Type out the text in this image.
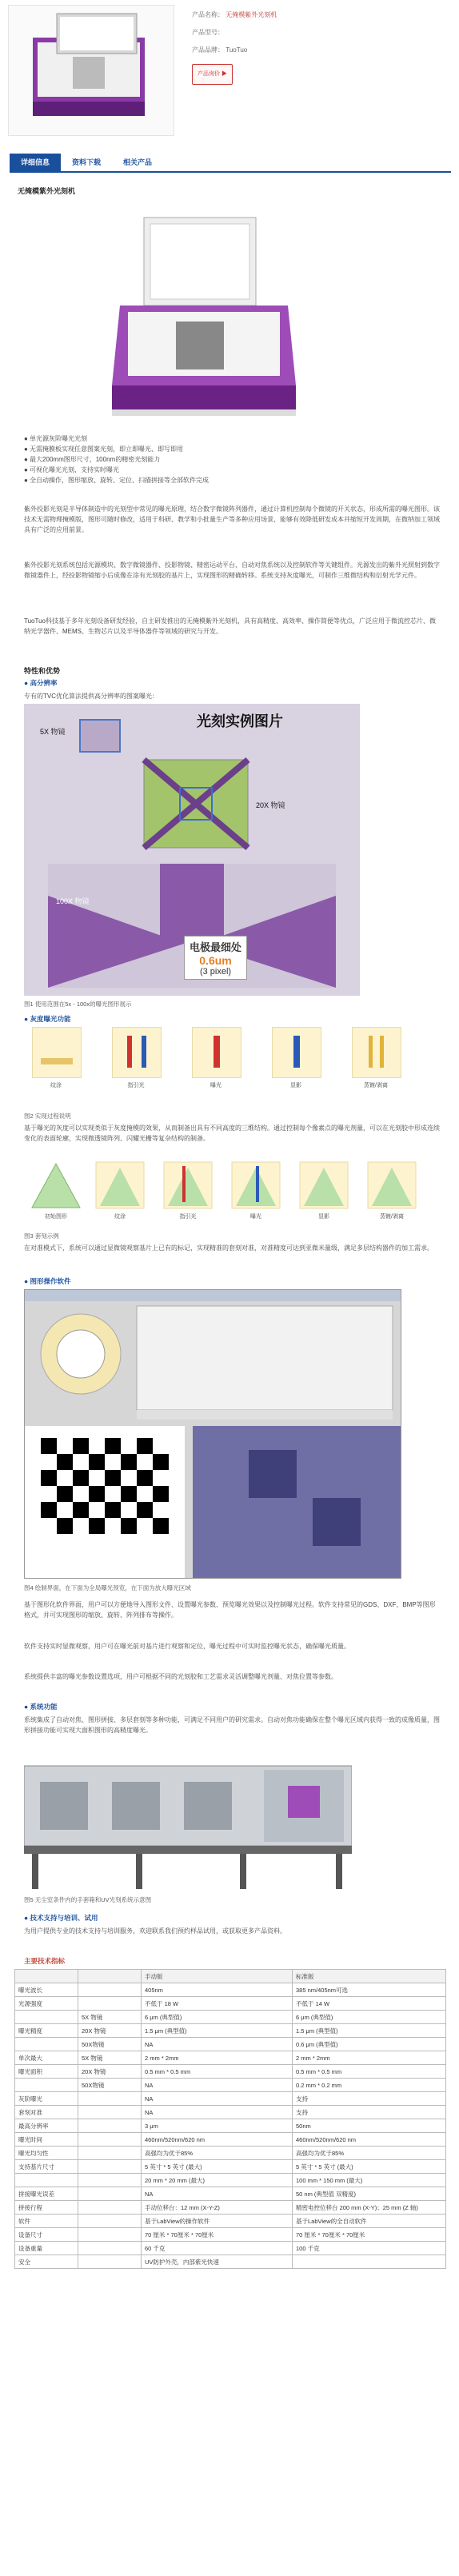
产品名称： 无掩模紫外光刻机
产品型号：
产品品牌： TuoTuo
产品询价 ▶
详细信息	资料下载	相关产品
无掩模紫外光刻机
● 单光源灰阶曝光光刻
● 无需掩膜板实现任意图案光刻，即立即曝光、即写即用
● 最大200mm图形尺寸，100nm的精密光刻能力
● 可视化曝光光刻，支持实时曝光
● 全自动操作，图形缩放、旋转、定位、扫描拼接等全部软件完成
紫外投影光刻是半导体制造中的光刻型中常见的曝光原理，结合数字微镜阵列器件，通过计算机控制每个微镜的开关状态，形成所需的曝光图形。该技术无需物理掩模版，图形可随时修改，适用于科研、教学和小批量生产等多种应用场景，能够有效降低研发成本并缩短开发周期，在微纳加工领域具有广泛的应用前景。
紫外投影光刻系统包括光源模块、数字微镜器件、投影物镜、精密运动平台、自动对焦系统以及控制软件等关键组件。光源发出的紫外光照射到数字微镜器件上，经投影物镜缩小后成像在涂有光刻胶的基片上，实现图形的精确转移。系统支持灰度曝光，可制作三维微结构和衍射光学元件。
TuoTuo科技基于多年光刻设备研发经验，自主研发推出的无掩模紫外光刻机，具有高精度、高效率、操作简便等优点，广泛应用于微流控芯片、微纳光学器件、MEMS、生物芯片以及半导体器件等领域的研究与开发。
特性和优势
● 高分辨率
专有的TVC优化算法提供高分辨率的图案曝光：
光刻实例图片
5X 物镜
20X 物镜
100X 物镜
电极最细处
0.6um
(3 pixel)
图1 使用范围在5x - 100x的曝光图形展示
● 灰度曝光功能
纹涂	指引光	曝光	显影	蒸镀/剥离
图2 实现过程说明
基于曝光的灰度可以实现类似于灰度掩模的效果，从而制备出具有不同高度的三维结构。通过控制每个像素点的曝光剂量，可以在光刻胶中形成连续变化的表面轮廓，实现微透镜阵列、闪耀光栅等复杂结构的制备。
初始图形	纹涂	指引光	曝光	显影	蒸镀/剥离
图3 套刻示例
在对准模式下，系统可以通过显微镜观察基片上已有的标记，实现精准的套刻对准，对准精度可达到亚微米量级，满足多层结构器件的加工需求。
● 图形操作软件
图4 绘制界面，在下面为全局曝光预览，在下面为放大曝光区域
基于图形化软件界面，用户可以方便地导入图形文件、设置曝光参数、预览曝光效果以及控制曝光过程。软件支持常见的GDS、DXF、BMP等图形格式，并可实现图形的缩放、旋转、阵列排布等操作。
软件支持实时显微观察，用户可在曝光前对基片进行观察和定位，曝光过程中可实时监控曝光状态，确保曝光质量。
系统提供丰富的曝光参数设置选项，用户可根据不同的光刻胶和工艺需求灵活调整曝光剂量、对焦位置等参数。
● 系统功能
系统集成了自动对焦、图形拼接、多层套刻等多种功能，可满足不同用户的研究需求。自动对焦功能确保在整个曝光区域内获得一致的成像质量，图形拼接功能可实现大面积图形的高精度曝光。
图5 无尘室条件内的手套箱和UV光刻系统示意图
● 技术支持与培训、试用
为用户提供专业的技术支持与培训服务，欢迎联系我们预约样品试用，或获取更多产品资料。
主要技术指标
		手动版	标准版
曝光波长		405nm	385 nm/405nm可选
光源强度		不低于 18 W	不低于 14 W
	5X 物镜	6 μm (典型值)	6 μm (典型值)
曝光精度	20X 物镜	1.5 μm (典型值)	1.5 μm (典型值)
	50X物镜	NA	0.6 μm (典型值)
单次最大	5X 物镜	2 mm * 2mm	2 mm * 2mm
曝光面积	20X 物镜	0.5 mm * 0.5 mm	0.5 mm * 0.5 mm
	50X物镜	NA	0.2 mm * 0.2 mm
灰阶曝光		NA	支持
套刻对准		NA	支持
最高分辨率		3 μm	50nm
曝光时间		460nm/520nm/620 nm	460nm/520nm/620 nm
曝光均匀性		高强均为优于85%	高强均为优于85%
支持基片尺寸		5 英寸 * 5 英寸 (最大)	5 英寸 * 5 英寸 (最大)
		20 mm * 20 mm (最大)	100 mm * 150 mm (最大)
拼接曝光误差		NA	50 nm (典型值 双精度)
拼接行程		手动位移台：12 mm (X-Y-Z)	精密电控位移台 200 mm (X-Y)；25 mm (Z 轴)
软件		基于LabView的操作软件	基于LabView的全自动软件
设备尺寸		70 厘米 * 70厘米 * 70厘米	70 厘米 * 70厘米 * 70厘米
设备重量		60 千克	100 千克
安全		UV防护外壳，内部紫光快速	
